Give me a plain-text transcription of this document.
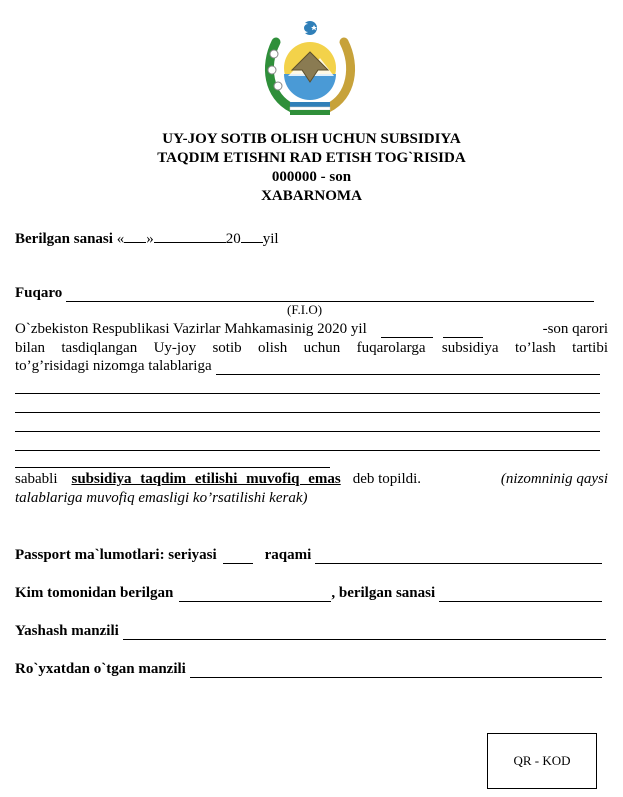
UY-JOY SOTIB OLISH UCHUN SUBSIDIYA
TAQDIM ETISHNI RAD ETISH TOG`RISIDA
000000 - son
XABARNOMA
Berilgan sanasi « »	20 yil
Fuqaro
(F.I.O)
O`zbekiston Respublikasi Vazirlar Mahkamasinig 2020 yil	-son qarori
bilan tasdiqlangan Uy-joy sotib olish uchun fuqarolarga subsidiya to’lash tartibi
to’g’risidagi nizomga talablariga
sababli subsidiya taqdim etilishi muvofiq emas deb topildi.	(nizomninig qaysi
talablariga muvofiq emasligi ko’rsatilishi kerak)
Passport ma`lumotlari: seriyasi	raqami
Kim tomonidan berilgan	, berilgan sanasi
Yashash manzili
Ro`yxatdan o`tgan manzili
QR - KOD
